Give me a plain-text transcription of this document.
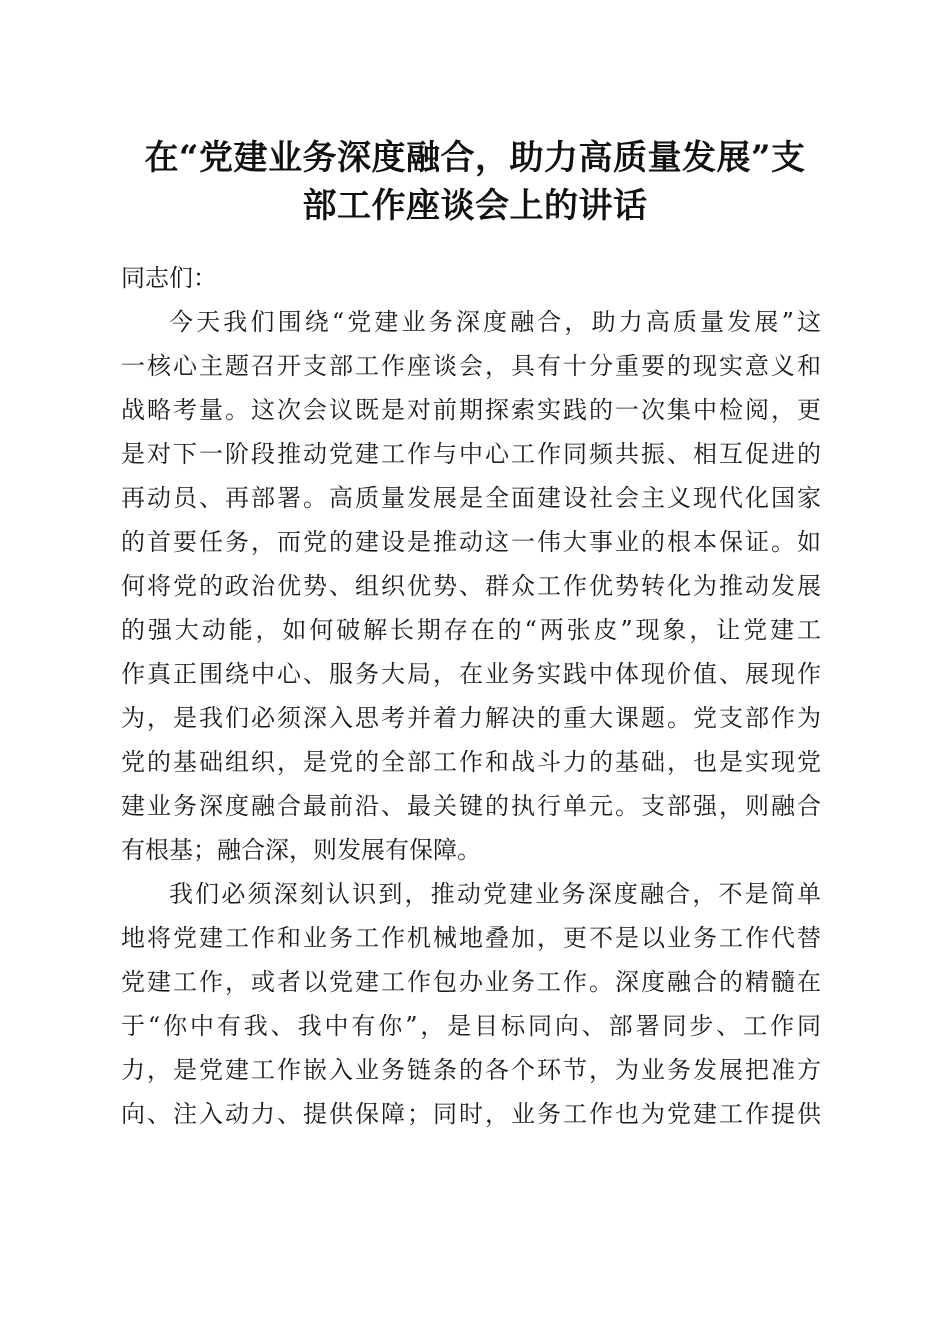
在“党建业务深度融合，助力高质量发展”支
部工作座谈会上的讲话
同志们：
今天我们围绕“党建业务深度融合，助力高质量发展”这
一核心主题召开支部工作座谈会，具有十分重要的现实意义和
战略考量。这次会议既是对前期探索实践的一次集中检阅，更
是对下一阶段推动党建工作与中心工作同频共振、相互促进的
再动员、再部署。高质量发展是全面建设社会主义现代化国家
的首要任务，而党的建设是推动这一伟大事业的根本保证。如
何将党的政治优势、组织优势、群众工作优势转化为推动发展
的强大动能，如何破解长期存在的“两张皮”现象，让党建工
作真正围绕中心、服务大局，在业务实践中体现价值、展现作
为，是我们必须深入思考并着力解决的重大课题。党支部作为
党的基础组织，是党的全部工作和战斗力的基础，也是实现党
建业务深度融合最前沿、最关键的执行单元。支部强，则融合
有根基；融合深，则发展有保障。
我们必须深刻认识到，推动党建业务深度融合，不是简单
地将党建工作和业务工作机械地叠加，更不是以业务工作代替
党建工作，或者以党建工作包办业务工作。深度融合的精髓在
于“你中有我、我中有你”，是目标同向、部署同步、工作同
力，是党建工作嵌入业务链条的各个环节，为业务发展把准方
向、注入动力、提供保障；同时，业务工作也为党建工作提供
